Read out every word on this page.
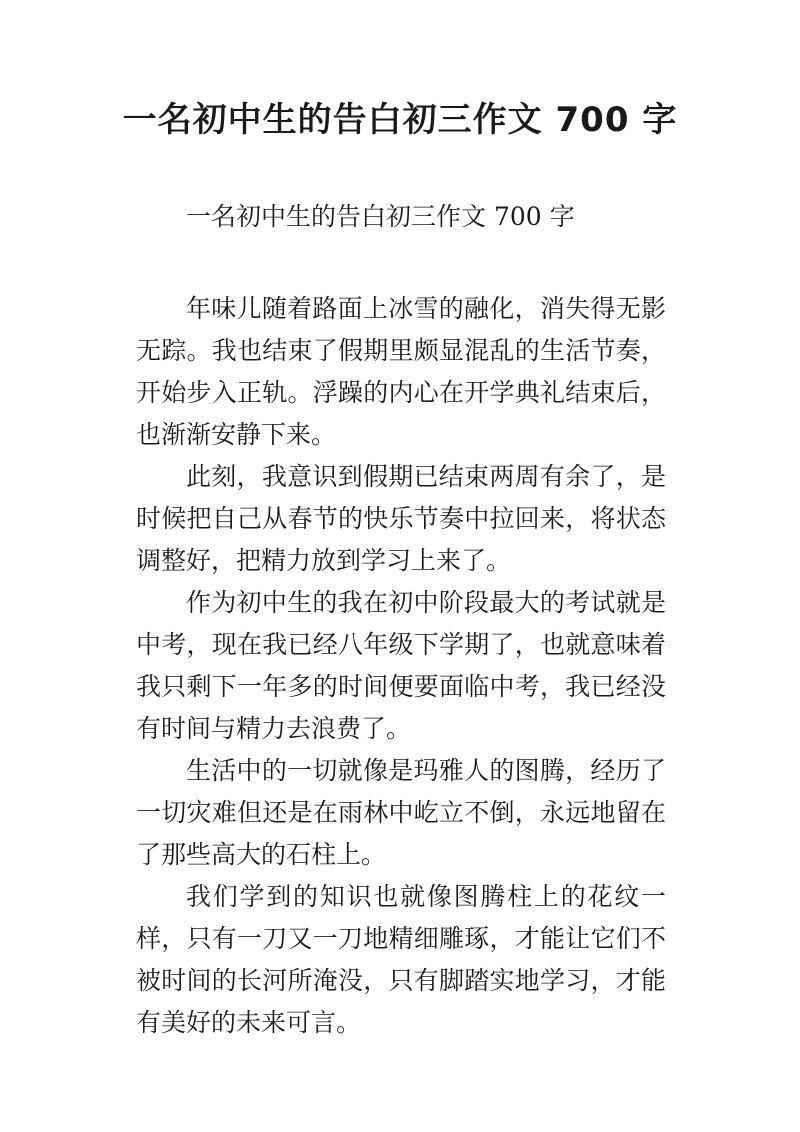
一名初中生的告白初三作文 700 字

一名初中生的告白初三作文 700 字

年味儿随着路面上冰雪的融化，消失得无影无踪。我也结束了假期里颇显混乱的生活节奏，开始步入正轨。浮躁的内心在开学典礼结束后，也渐渐安静下来。

此刻，我意识到假期已结束两周有余了，是时候把自己从春节的快乐节奏中拉回来，将状态调整好，把精力放到学习上来了。

作为初中生的我在初中阶段最大的考试就是中考，现在我已经八年级下学期了，也就意味着我只剩下一年多的时间便要面临中考，我已经没有时间与精力去浪费了。

生活中的一切就像是玛雅人的图腾，经历了一切灾难但还是在雨林中屹立不倒，永远地留在了那些高大的石柱上。

我们学到的知识也就像图腾柱上的花纹一样，只有一刀又一刀地精细雕琢，才能让它们不被时间的长河所淹没，只有脚踏实地学习，才能有美好的未来可言。
